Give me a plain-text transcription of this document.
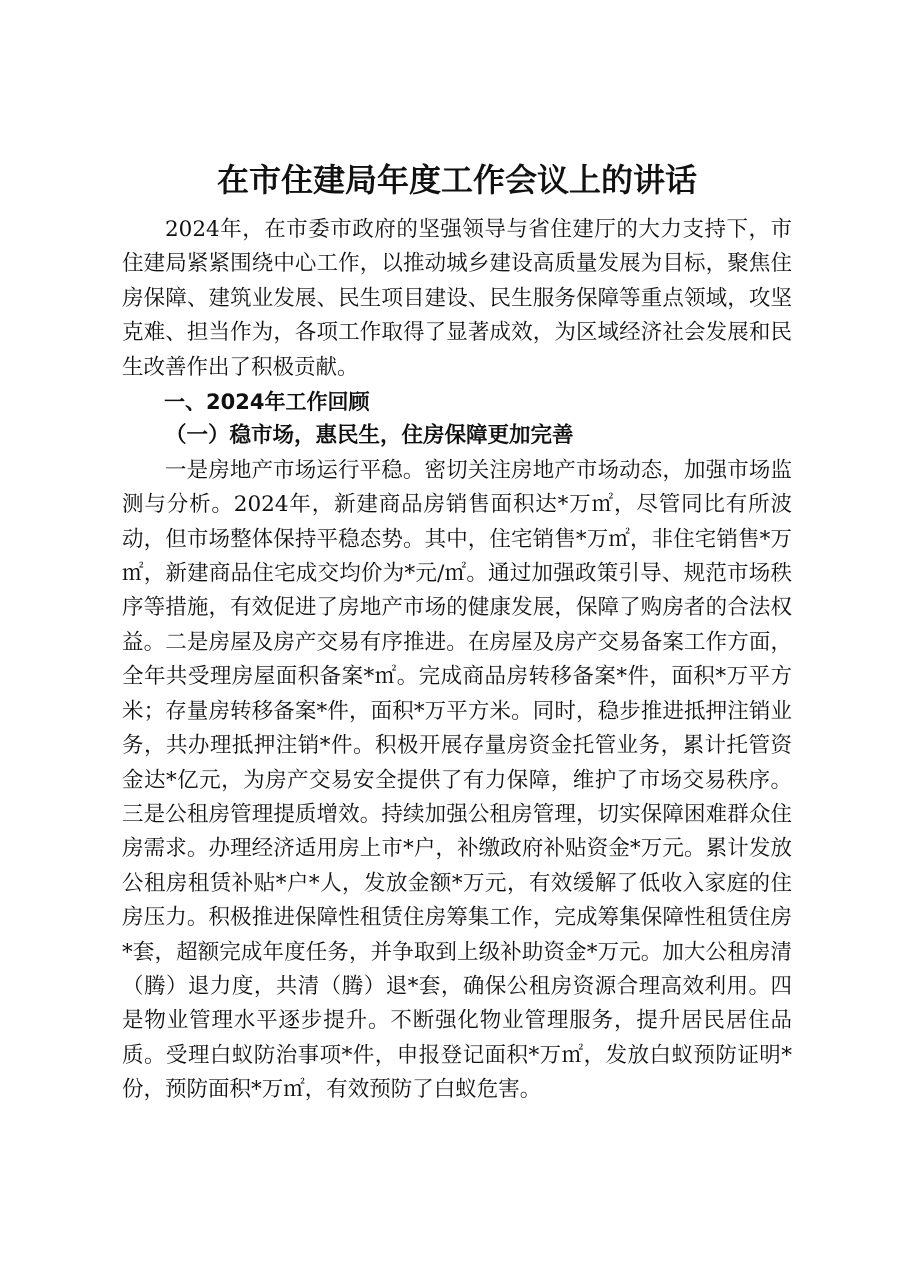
在市住建局年度工作会议上的讲话

2024年，在市委市政府的坚强领导与省住建厅的大力支持下，市住建局紧紧围绕中心工作，以推动城乡建设高质量发展为目标，聚焦住房保障、建筑业发展、民生项目建设、民生服务保障等重点领域，攻坚克难、担当作为，各项工作取得了显著成效，为区域经济社会发展和民生改善作出了积极贡献。

一、2024年工作回顾

（一）稳市场，惠民生，住房保障更加完善

一是房地产市场运行平稳。密切关注房地产市场动态，加强市场监测与分析。2024年，新建商品房销售面积达*万㎡，尽管同比有所波动，但市场整体保持平稳态势。其中，住宅销售*万㎡，非住宅销售*万㎡，新建商品住宅成交均价为*元/㎡。通过加强政策引导、规范市场秩序等措施，有效促进了房地产市场的健康发展，保障了购房者的合法权益。二是房屋及房产交易有序推进。在房屋及房产交易备案工作方面，全年共受理房屋面积备案*㎡。完成商品房转移备案*件，面积*万平方米；存量房转移备案*件，面积*万平方米。同时，稳步推进抵押注销业务，共办理抵押注销*件。积极开展存量房资金托管业务，累计托管资金达*亿元，为房产交易安全提供了有力保障，维护了市场交易秩序。三是公租房管理提质增效。持续加强公租房管理，切实保障困难群众住房需求。办理经济适用房上市*户，补缴政府补贴资金*万元。累计发放公租房租赁补贴*户*人，发放金额*万元，有效缓解了低收入家庭的住房压力。积极推进保障性租赁住房筹集工作，完成筹集保障性租赁住房*套，超额完成年度任务，并争取到上级补助资金*万元。加大公租房清（腾）退力度，共清（腾）退*套，确保公租房资源合理高效利用。四是物业管理水平逐步提升。不断强化物业管理服务，提升居民居住品质。受理白蚁防治事项*件，申报登记面积*万㎡，发放白蚁预防证明*份，预防面积*万㎡，有效预防了白蚁危害。
